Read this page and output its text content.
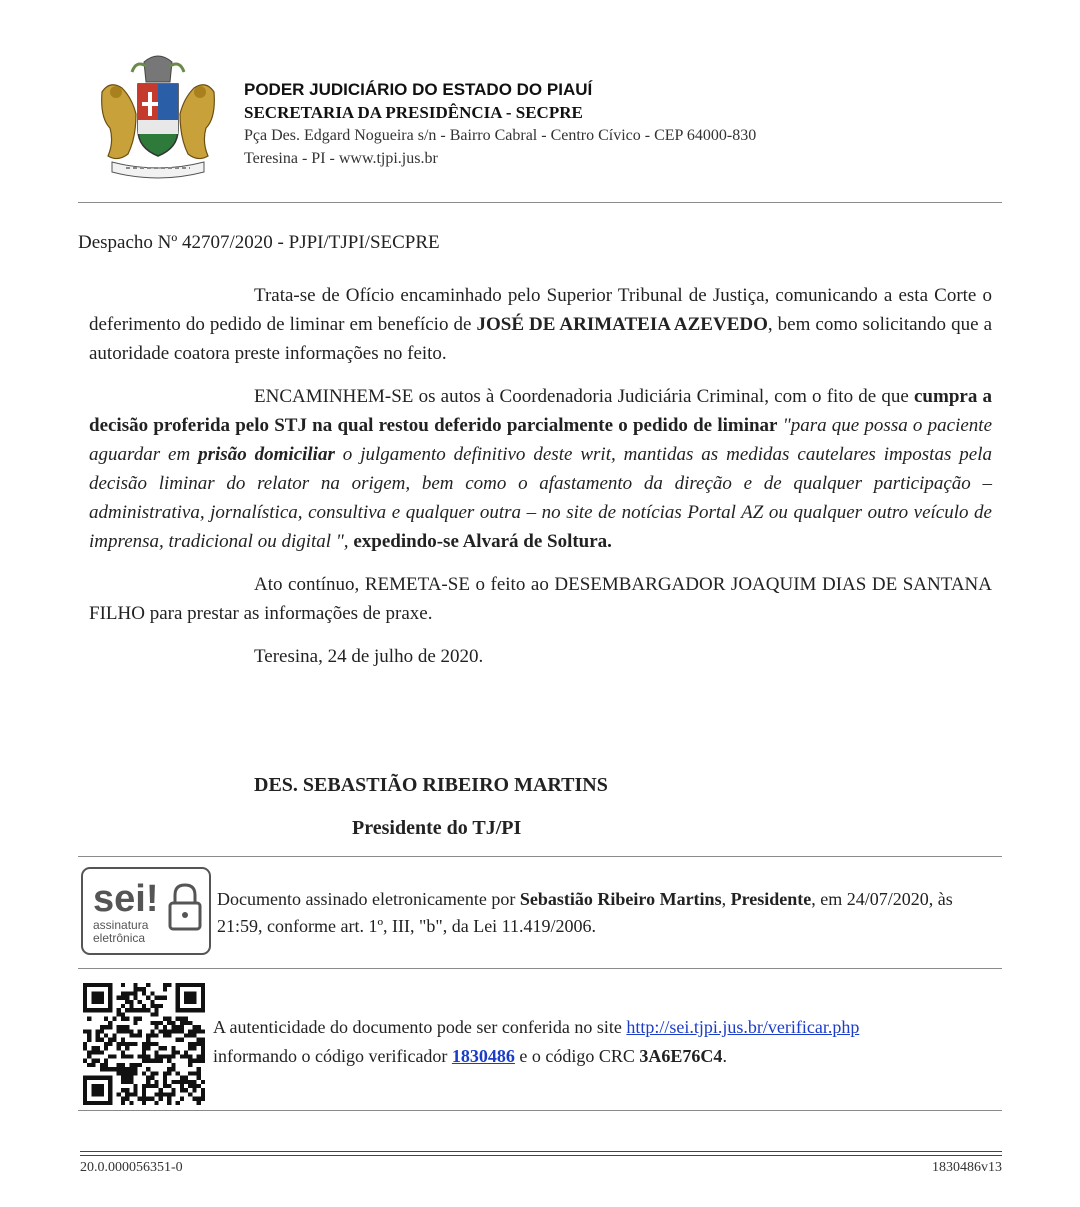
PODER JUDICIÁRIO DO ESTADO DO PIAUÍ
SECRETARIA DA PRESIDÊNCIA - SECPRE
Pça Des. Edgard Nogueira s/n - Bairro Cabral - Centro Cívico - CEP 64000-830
Teresina - PI - www.tjpi.jus.br
Despacho Nº 42707/2020 - PJPI/TJPI/SECPRE

Trata-se de Ofício encaminhado pelo Superior Tribunal de Justiça, comunicando a esta Corte o deferimento do pedido de liminar em benefício de JOSÉ DE ARIMATEIA AZEVEDO, bem como solicitando que a autoridade coatora preste informações no feito.

ENCAMINHEM-SE os autos à Coordenadoria Judiciária Criminal, com o fito de que cumpra a decisão proferida pelo STJ na qual restou deferido parcialmente o pedido de liminar "para que possa o paciente aguardar em prisão domiciliar o julgamento definitivo deste writ, mantidas as medidas cautelares impostas pela decisão liminar do relator na origem, bem como o afastamento da direção e de qualquer participação – administrativa, jornalística, consultiva e qualquer outra – no site de notícias Portal AZ ou qualquer outro veículo de imprensa, tradicional ou digital ", expedindo-se Alvará de Soltura.

Ato contínuo, REMETA-SE o feito ao DESEMBARGADOR JOAQUIM DIAS DE SANTANA FILHO para prestar as informações de praxe.

Teresina, 24 de julho de 2020.

DES. SEBASTIÃO RIBEIRO MARTINS
Presidente do TJ/PI
sei!
assinatura
eletrônica
Documento assinado eletronicamente por Sebastião Ribeiro Martins, Presidente, em 24/07/2020, às 21:59, conforme art. 1º, III, "b", da Lei 11.419/2006.
A autenticidade do documento pode ser conferida no site http://sei.tjpi.jus.br/verificar.php
informando o código verificador 1830486 e o código CRC 3A6E76C4.
20.0.000056351-0	1830486v13
